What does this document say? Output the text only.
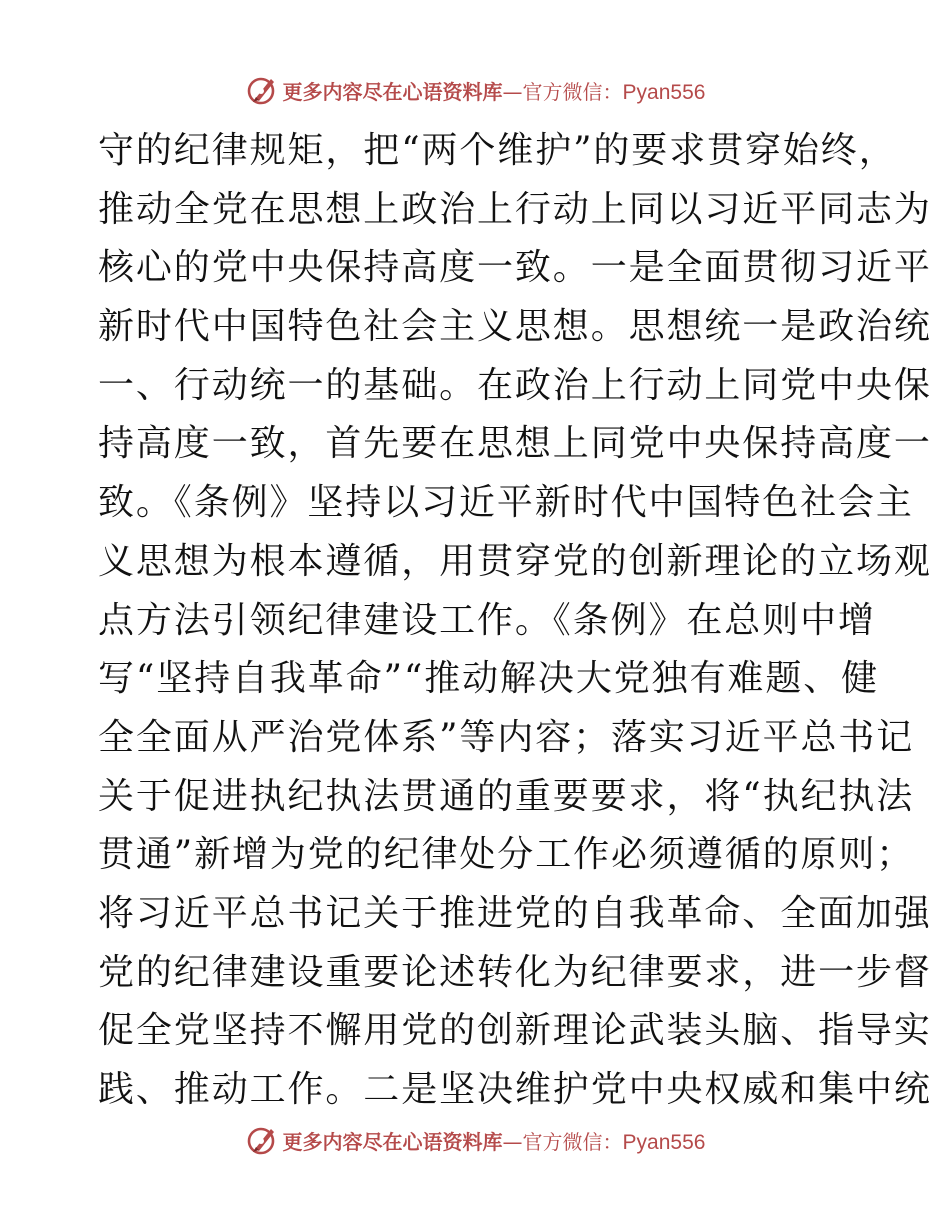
更多内容尽在心语资料库 — 官方微信： Pyan556
守的纪律规矩，把“两个维护”的要求贯穿始终，
推动全党在思想上政治上行动上同以习近平同志为
核心的党中央保持高度一致。一是全面贯彻习近平
新时代中国特色社会主义思想。思想统一是政治统
一、行动统一的基础。在政治上行动上同党中央保
持高度一致，首先要在思想上同党中央保持高度一
致。《条例》坚持以习近平新时代中国特色社会主
义思想为根本遵循，用贯穿党的创新理论的立场观
点方法引领纪律建设工作。《条例》在总则中增
写“坚持自我革命”“推动解决大党独有难题、健
全全面从严治党体系”等内容；落实习近平总书记
关于促进执纪执法贯通的重要要求，将“执纪执法
贯通”新增为党的纪律处分工作必须遵循的原则；
将习近平总书记关于推进党的自我革命、全面加强
党的纪律建设重要论述转化为纪律要求，进一步督
促全党坚持不懈用党的创新理论武装头脑、指导实
践、推动工作。二是坚决维护党中央权威和集中统
更多内容尽在心语资料库 — 官方微信： Pyan556
